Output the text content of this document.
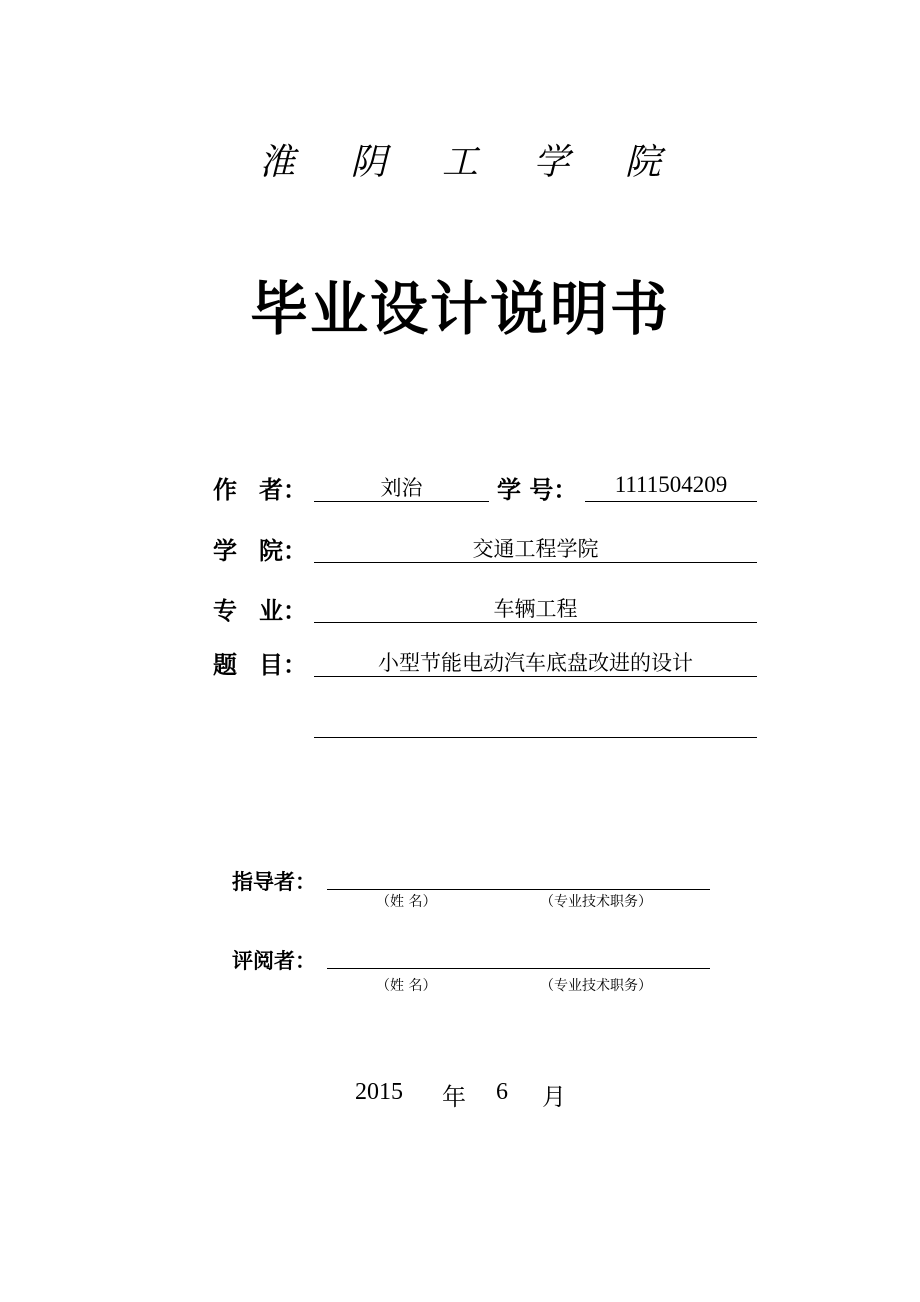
淮 阴 工 学 院
毕业设计说明书
作 者：	刘治	学 号：	1111504209
学 院：	交通工程学院
专 业：	车辆工程
题 目：	小型节能电动汽车底盘改进的设计
指导者：
（姓 名）	（专业技术职务）
评阅者：
（姓 名）	（专业技术职务）
2015 年 6 月
